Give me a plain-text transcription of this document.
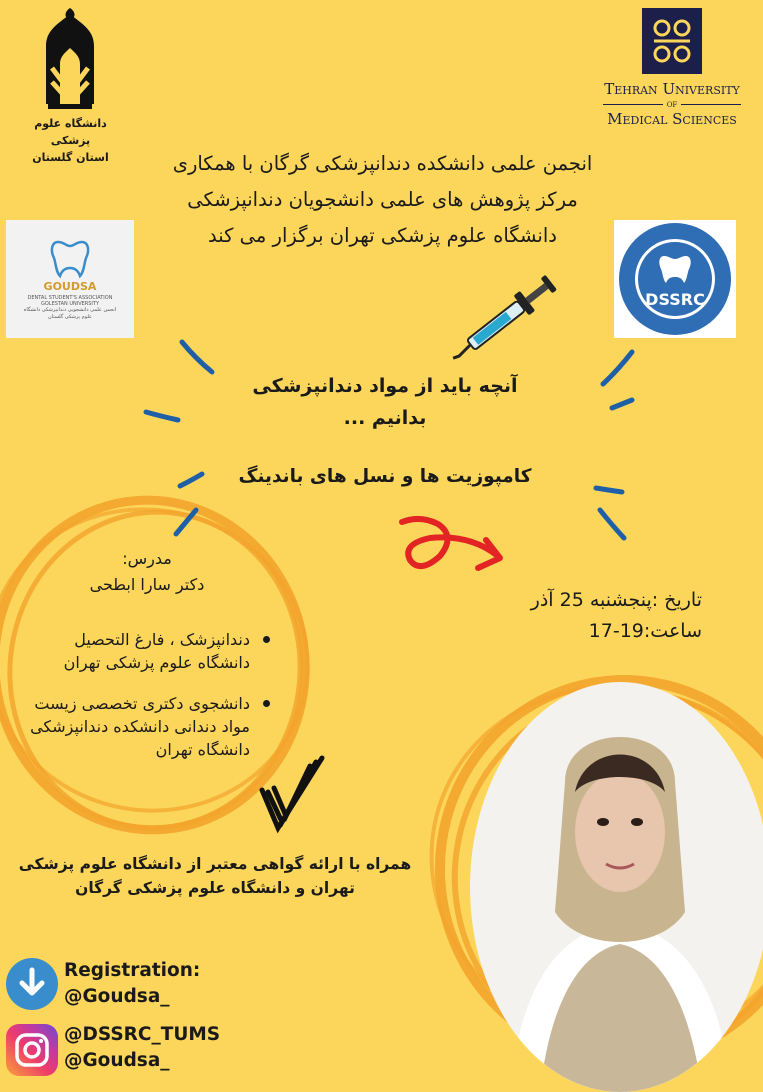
دانشگاه علوم پزشکی
استان گلستان
Tehran University
of
Medical Sciences
انجمن علمی دانشکده دندانپزشکی گرگان با همکاری
مرکز پژوهش های علمی دانشجویان دندانپزشکی
دانشگاه علوم پزشکی تهران برگزار می کند
GOUDSA
DENTAL STUDENT'S ASSOCIATION
GOLESTAN UNIVERSITY
انجمن علمی دانشجویی دندانپزشکی دانشگاه
علوم پزشکی گلستان
DSSRC
آنچه باید از مواد دندانپزشکی
بدانیم ...
کامپوزیت ها و نسل های باندینگ
تاریخ :پنجشنبه 25 آذر
ساعت:19-17
مدرس:
دکتر سارا ابطحی
دندانپزشک ، فارغ التحصیل دانشگاه علوم پزشکی تهران
دانشجوی دکتری تخصصی زیست مواد دندانی دانشکده دندانپزشکی دانشگاه تهران
همراه با ارائه گواهی معتبر از دانشگاه علوم پزشکی تهران و دانشگاه علوم پزشکی گرگان
Registration:
@Goudsa_
@DSSRC_TUMS
@Goudsa_
